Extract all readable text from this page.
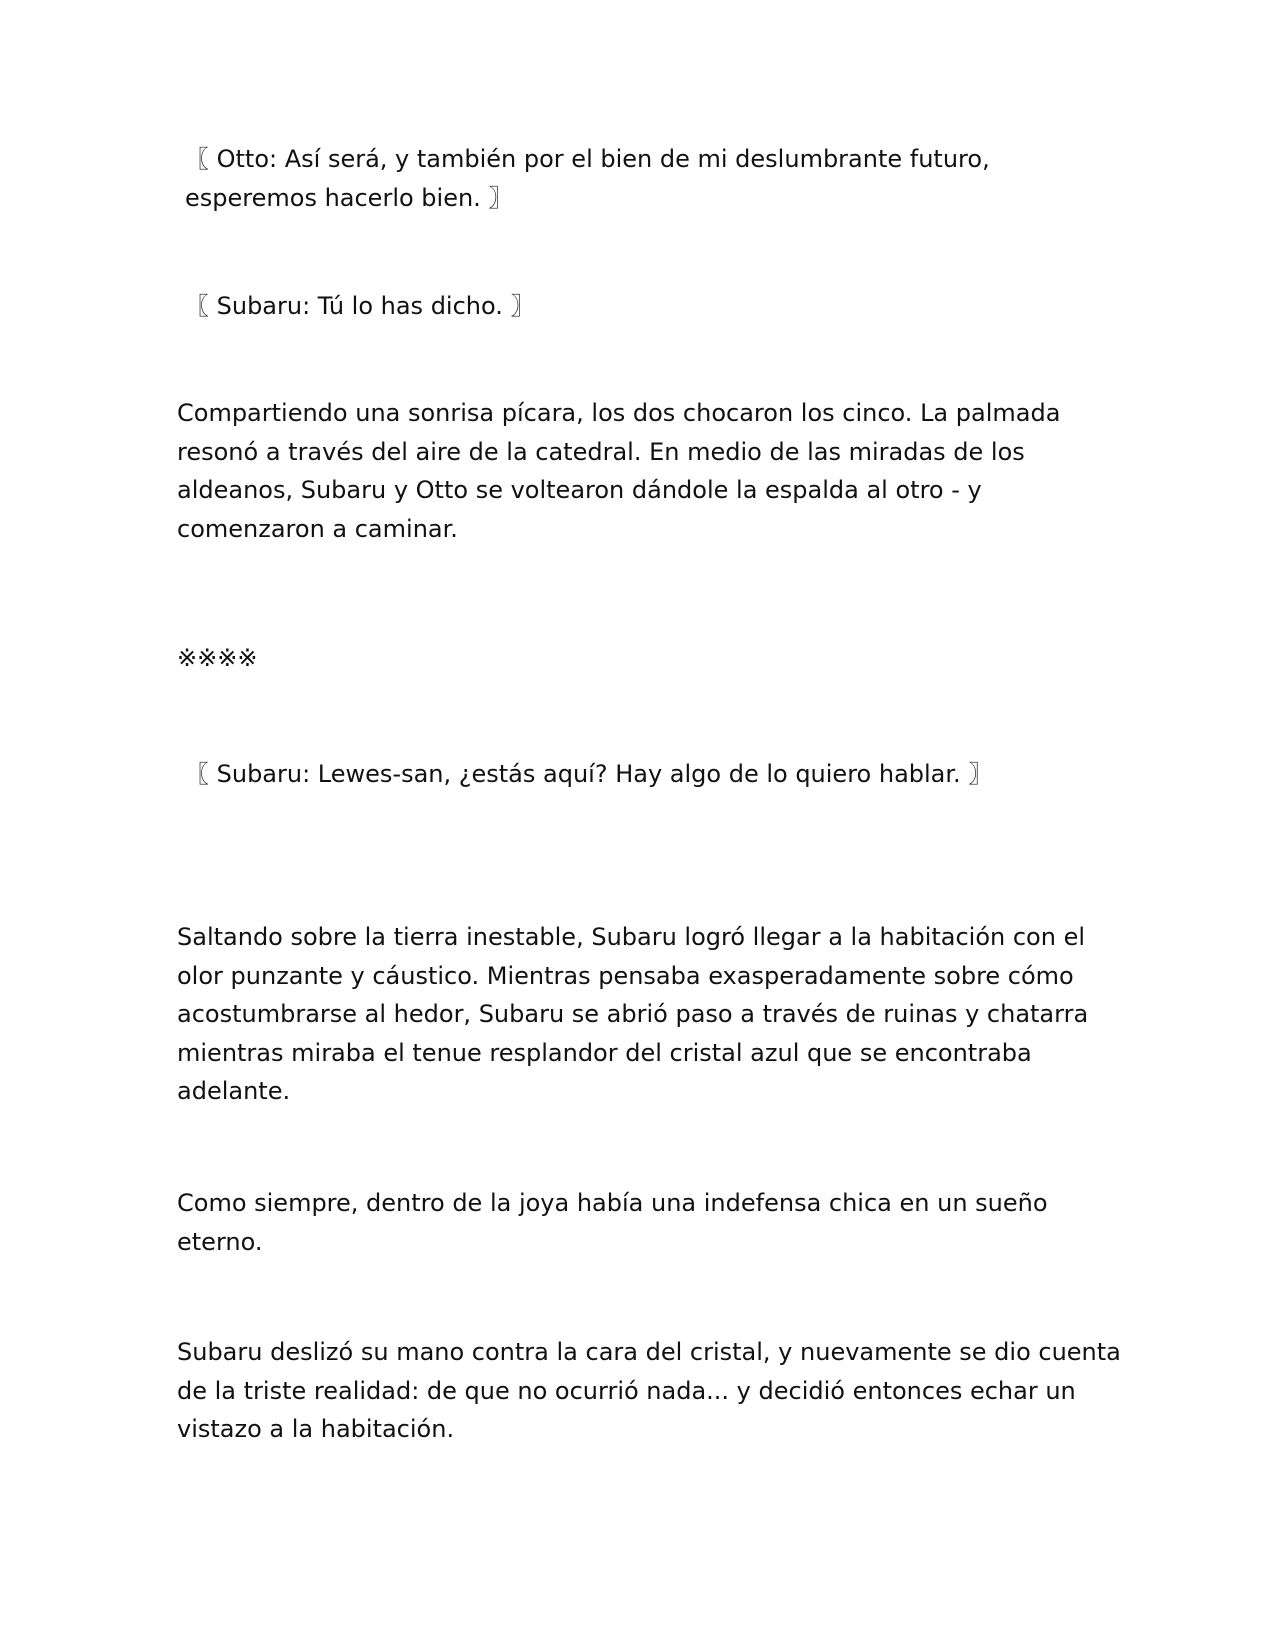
〖 Otto: Así será, y también por el bien de mi deslumbrante futuro,
esperemos hacerlo bien. 〗

〖 Subaru: Tú lo has dicho. 〗

Compartiendo una sonrisa pícara, los dos chocaron los cinco. La palmada
resonó a través del aire de la catedral. En medio de las miradas de los
aldeanos, Subaru y Otto se voltearon dándole la espalda al otro - y
comenzaron a caminar.

※※※※

〖 Subaru: Lewes-san, ¿estás aquí? Hay algo de lo quiero hablar. 〗

Saltando sobre la tierra inestable, Subaru logró llegar a la habitación con el
olor punzante y cáustico. Mientras pensaba exasperadamente sobre cómo
acostumbrarse al hedor, Subaru se abrió paso a través de ruinas y chatarra
mientras miraba el tenue resplandor del cristal azul que se encontraba
adelante.

Como siempre, dentro de la joya había una indefensa chica en un sueño
eterno.

Subaru deslizó su mano contra la cara del cristal, y nuevamente se dio cuenta
de la triste realidad: de que no ocurrió nada... y decidió entonces echar un
vistazo a la habitación.
